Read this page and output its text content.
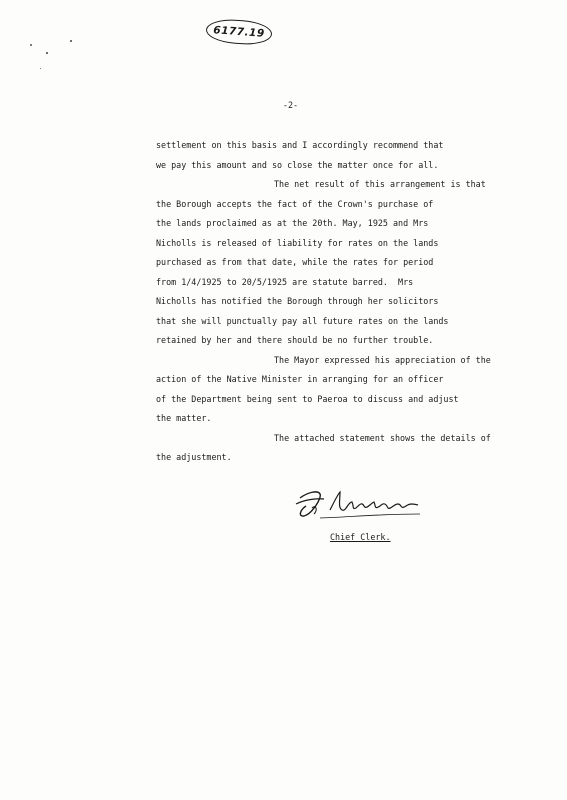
6177.19
-2-

settlement on this basis and I accordingly recommend that

we pay this amount and so close the matter once for all.

The net result of this arrangement is that

the Borough accepts the fact of the Crown's purchase of

the lands proclaimed as at the 20th. May, 1925 and Mrs

Nicholls is released of liability for rates on the lands

purchased as from that date, while the rates for period

from 1/4/1925 to 20/5/1925 are statute barred.  Mrs

Nicholls has notified the Borough through her solicitors

that she will punctually pay all future rates on the lands

retained by her and there should be no further trouble.

The Mayor expressed his appreciation of the

action of the Native Minister in arranging for an officer

of the Department being sent to Paeroa to discuss and adjust

the matter.

The attached statement shows the details of

the adjustment.

Chief Clerk.
